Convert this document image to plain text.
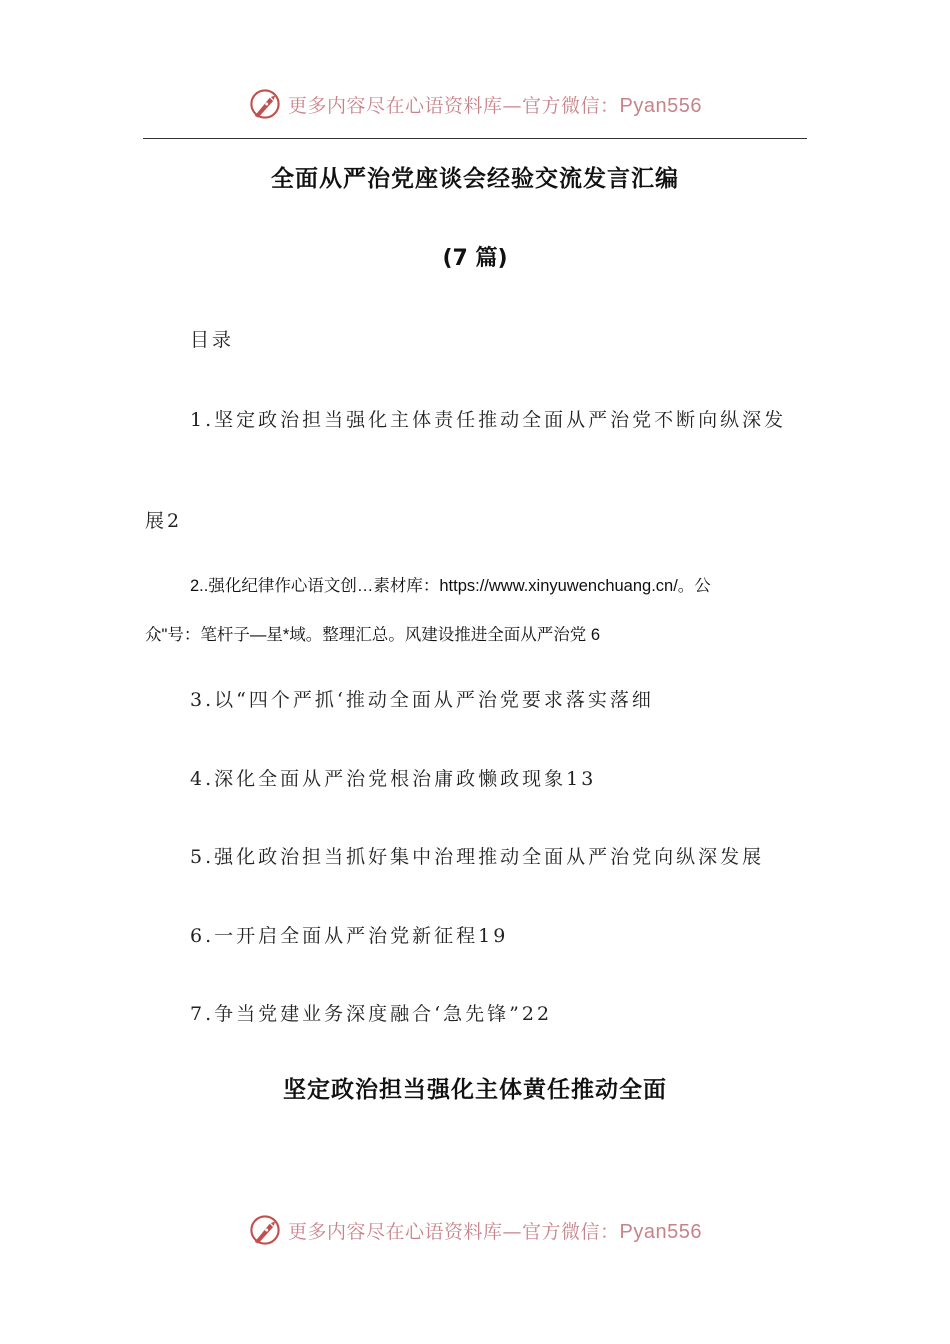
更多内容尽在心语资料库—官方微信：Pyan556
全面从严治党座谈会经验交流发言汇编
(7 篇)
目录
1.坚定政治担当强化主体责任推动全面从严治党不断向纵深发
展2
2..强化纪律作心语文创…素材库：https://www.xinyuwenchuang.cn/。公
众"号：笔杆子—星*域。整理汇总。风建设推进全面从严治党 6
3.以“四个严抓‘推动全面从严治党要求落实落细
4.深化全面从严治党根治庸政懒政现象13
5.强化政治担当抓好集中治理推动全面从严治党向纵深发展
6.一开启全面从严治党新征程19
7.争当党建业务深度融合‘急先锋”22
坚定政治担当强化主体黄任推动全面
更多内容尽在心语资料库—官方微信：Pyan556
